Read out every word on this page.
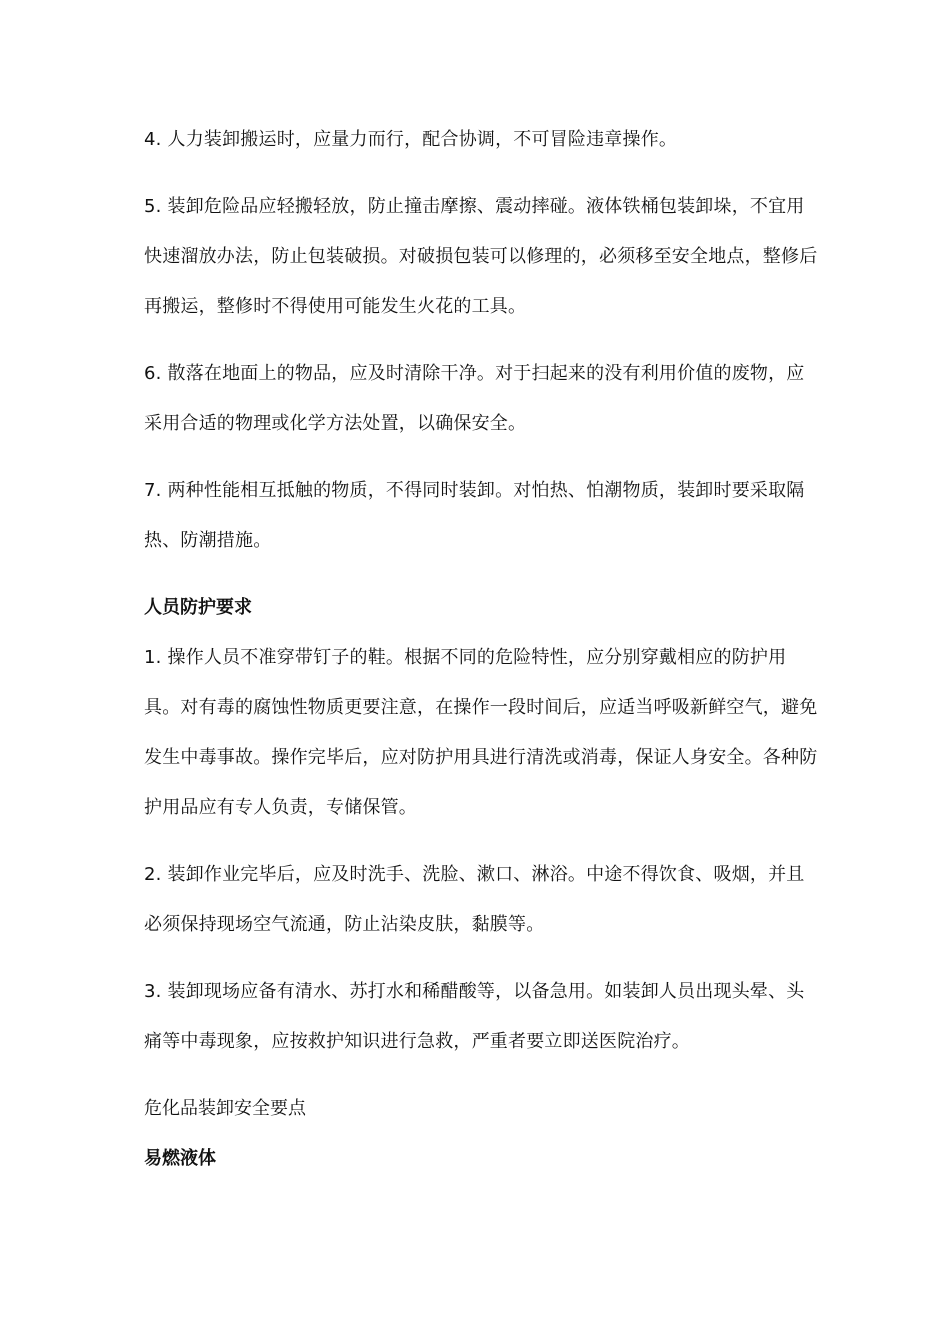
4. 人力装卸搬运时，应量力而行，配合协调，不可冒险违章操作。

5. 装卸危险品应轻搬轻放，防止撞击摩擦、震动摔碰。液体铁桶包装卸垛，不宜用快速溜放办法，防止包装破损。对破损包装可以修理的，必须移至安全地点，整修后再搬运，整修时不得使用可能发生火花的工具。

6. 散落在地面上的物品，应及时清除干净。对于扫起来的没有利用价值的废物，应采用合适的物理或化学方法处置，以确保安全。

7. 两种性能相互抵触的物质，不得同时装卸。对怕热、怕潮物质，装卸时要采取隔热、防潮措施。

人员防护要求

1. 操作人员不准穿带钉子的鞋。根据不同的危险特性，应分别穿戴相应的防护用具。对有毒的腐蚀性物质更要注意，在操作一段时间后，应适当呼吸新鲜空气，避免发生中毒事故。操作完毕后，应对防护用具进行清洗或消毒，保证人身安全。各种防护用品应有专人负责，专储保管。

2. 装卸作业完毕后，应及时洗手、洗脸、漱口、淋浴。中途不得饮食、吸烟，并且必须保持现场空气流通，防止沾染皮肤，黏膜等。

3. 装卸现场应备有清水、苏打水和稀醋酸等，以备急用。如装卸人员出现头晕、头痛等中毒现象，应按救护知识进行急救，严重者要立即送医院治疗。

危化品装卸安全要点

易燃液体
